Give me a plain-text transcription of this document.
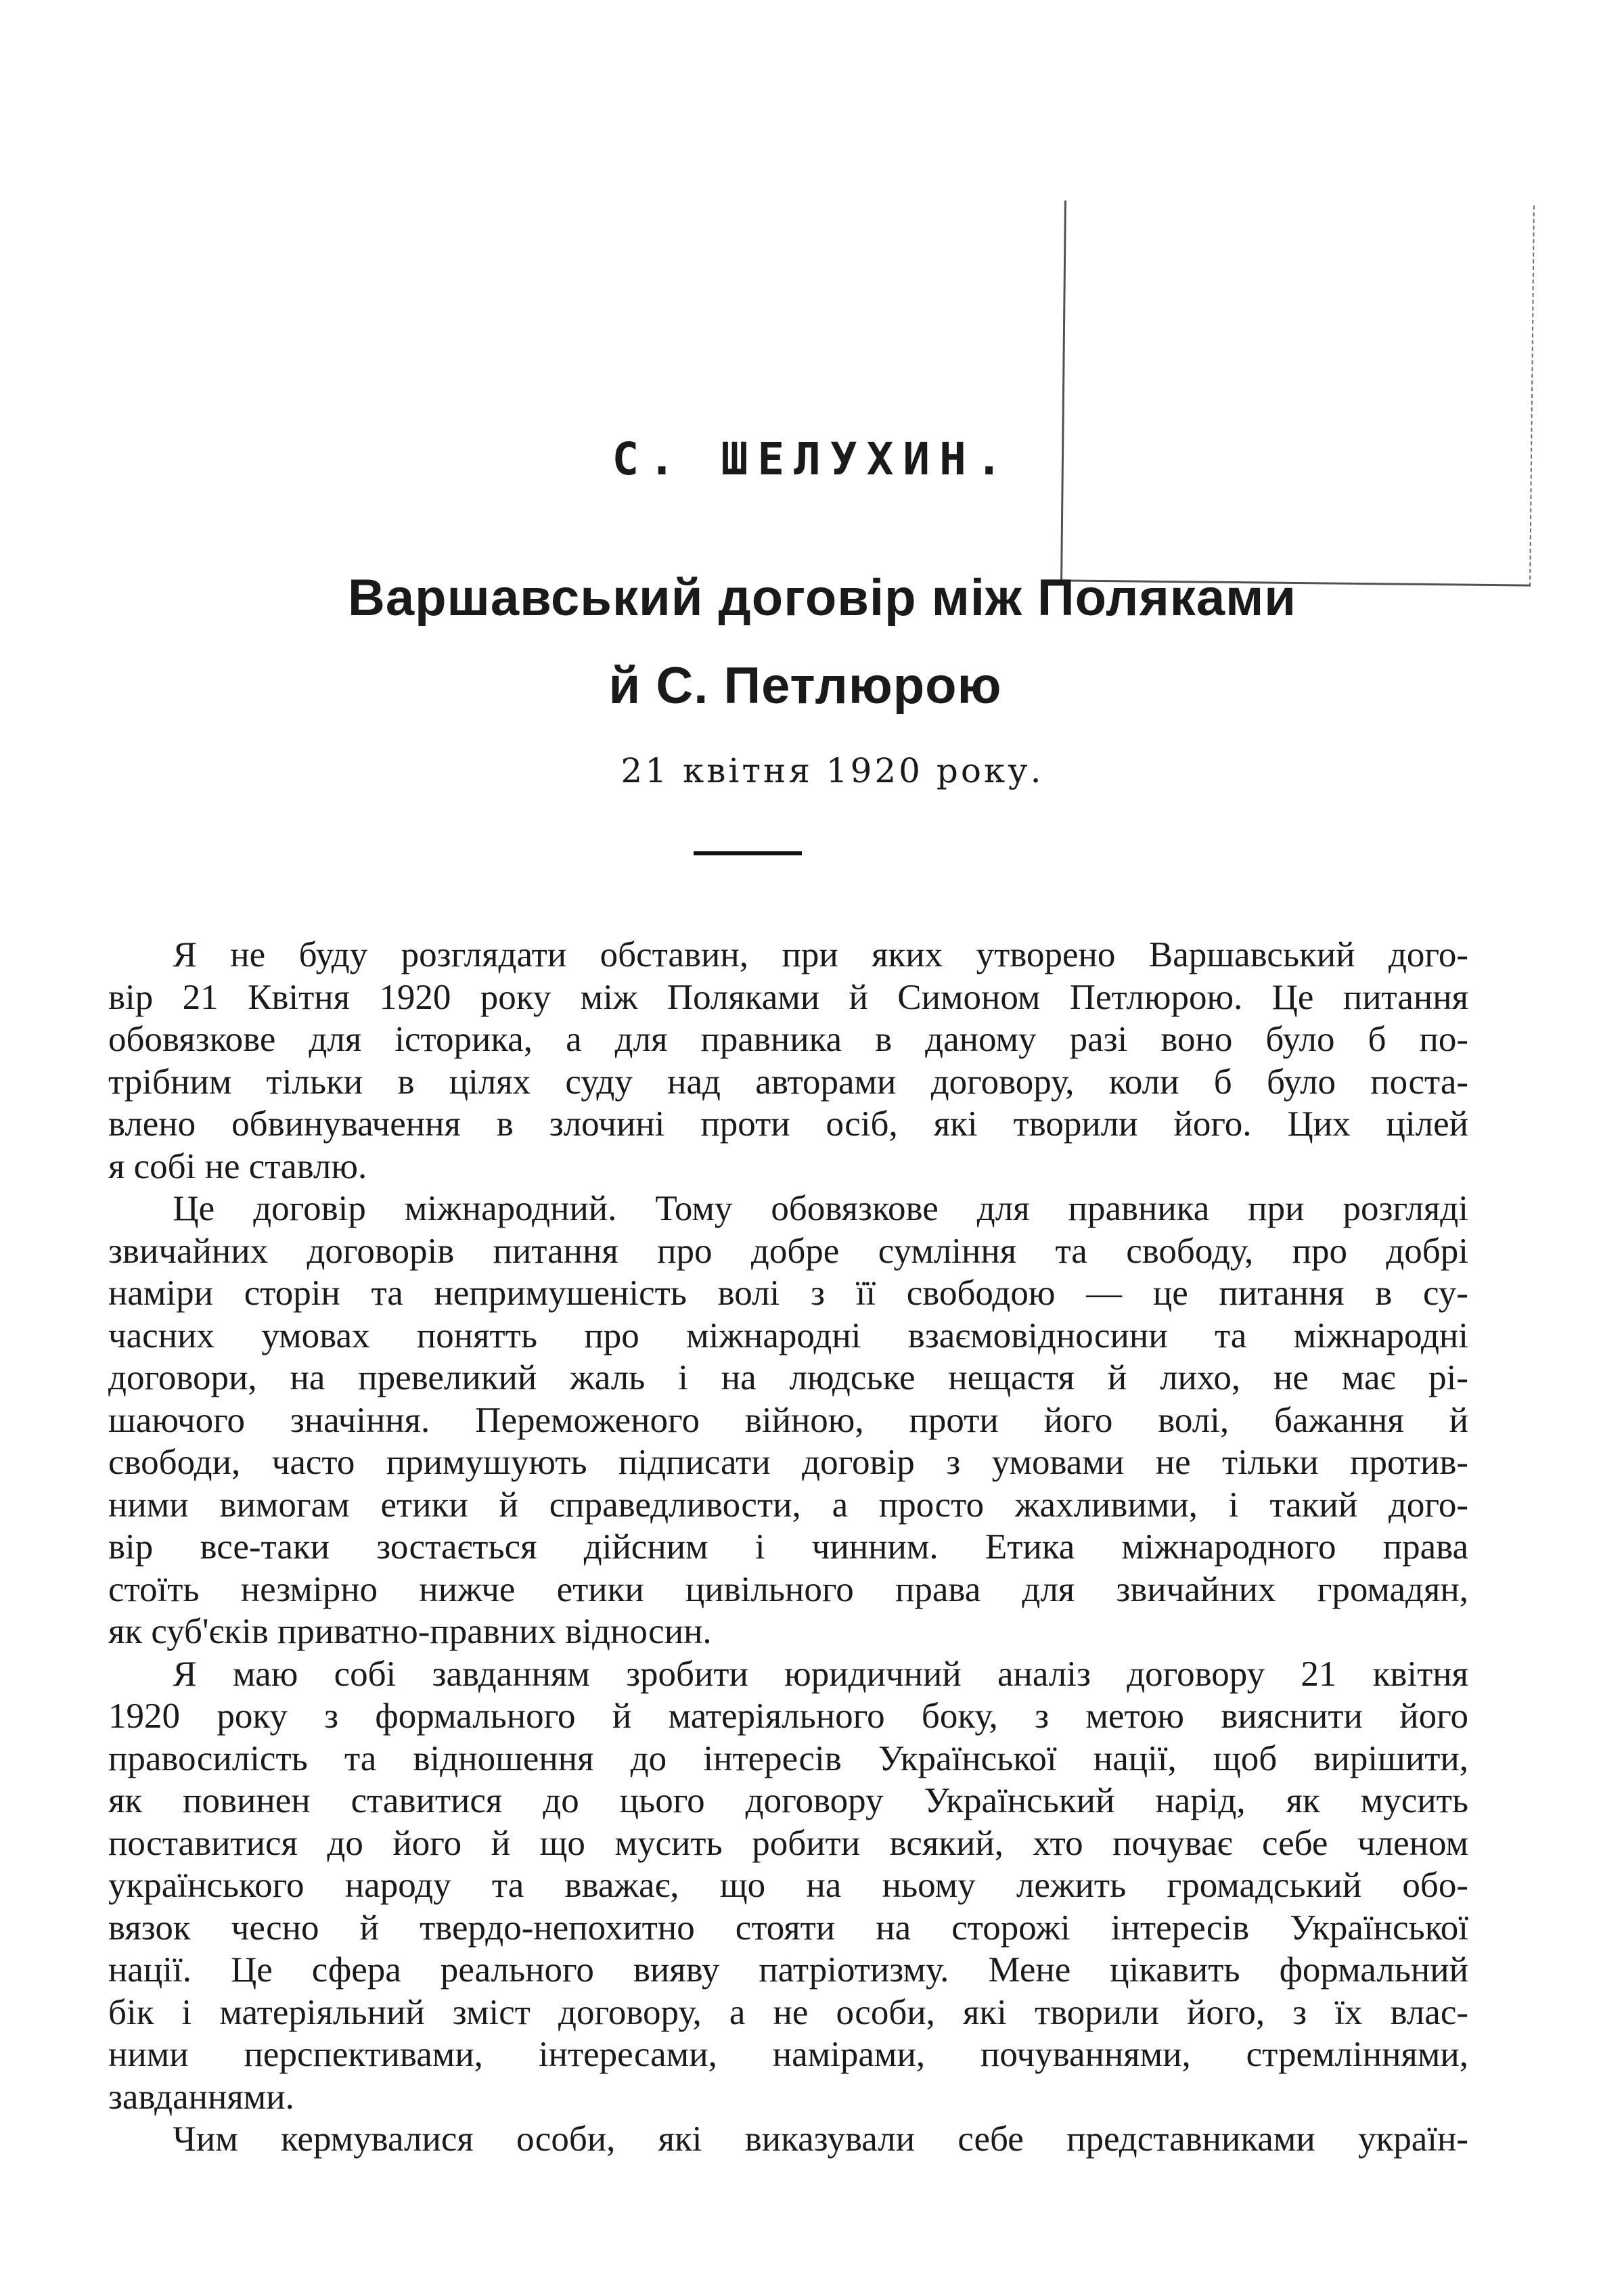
С. ШЕЛУХИН.
Варшавський договір між Поляками
й С. Петлюрою
21 квітня 1920 року.
Я не буду розглядати обставин, при яких утворено Варшавський дого-
вір 21 Квітня 1920 року між Поляками й Симоном Петлюрою. Це питання
обовязкове для історика, а для правника в даному разі воно було б по-
трібним тільки в цілях суду над авторами договору, коли б було поста-
влено обвинувачення в злочині проти осіб, які творили його. Цих цілей
я собі не ставлю.
Це договір міжнародний. Тому обовязкове для правника при розгляді
звичайних договорів питання про добре сумління та свободу, про добрі
наміри сторін та непримушеність волі з її свободою — це питання в су-
часних умовах понятть про міжнародні взаємовідносини та міжнародні
договори, на превеликий жаль і на людське нещастя й лихо, не має рі-
шаючого значіння. Переможеного війною, проти його волі, бажання й
свободи, часто примушують підписати договір з умовами не тільки против-
ними вимогам етики й справедливости, а просто жахливими, і такий дого-
вір все-таки зостається дійсним і чинним. Етика міжнародного права
стоїть незмірно нижче етики цивільного права для звичайних громадян,
як суб'єків приватно-правних відносин.
Я маю собі завданням зробити юридичний аналіз договору 21 квітня
1920 року з формального й матеріяльного боку, з метою вияснити його
правосилість та відношення до інтересів Української нації, щоб вирішити,
як повинен ставитися до цього договору Український нарід, як мусить
поставитися до його й що мусить робити всякий, хто почуває себе членом
українського народу та вважає, що на ньому лежить громадський обо-
вязок чесно й твердо-непохитно стояти на сторожі інтересів Української
нації. Це сфера реального вияву патріотизму. Мене цікавить формальний
бік і матеріяльний зміст договору, а не особи, які творили його, з їх влас-
ними перспективами, інтересами, намірами, почуваннями, стремліннями,
завданнями.
Чим кермувалися особи, які виказували себе представниками україн-
